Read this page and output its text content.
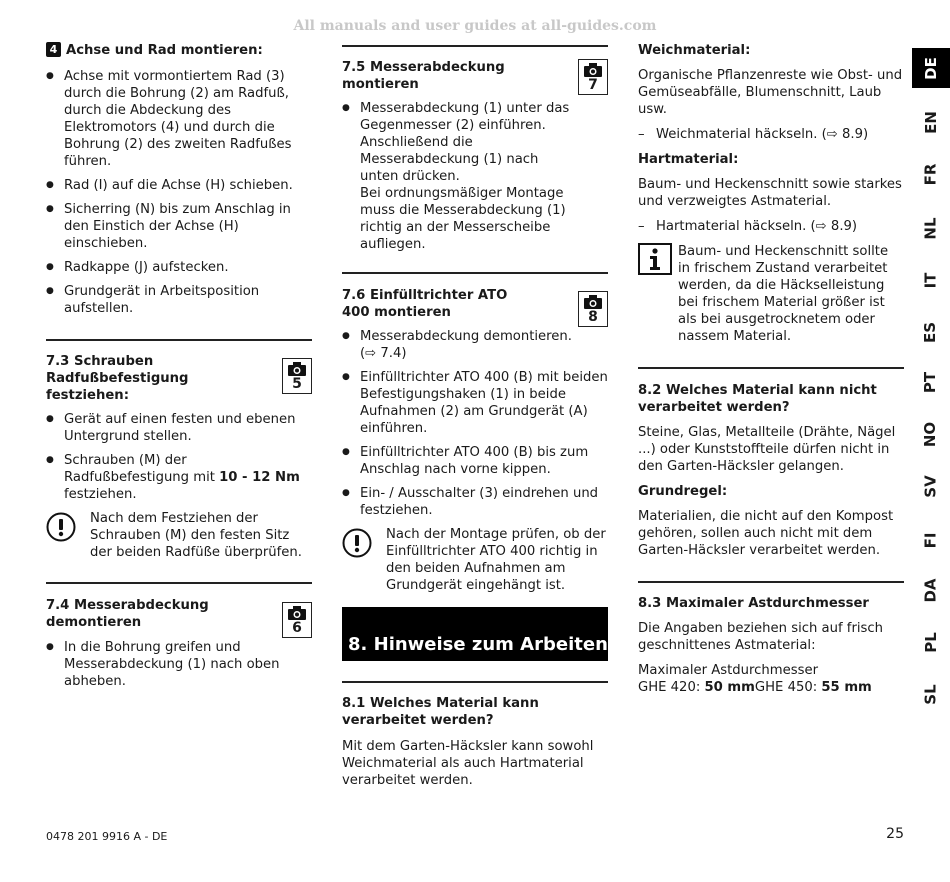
All manuals and user guides at all-guides.com

4 Achse und Rad montieren:

● Achse mit vormontiertem Rad (3) durch die Bohrung (2) am Radfuß, durch die Abdeckung des Elektromotors (4) und durch die Bohrung (2) des zweiten Radfußes führen.
● Rad (I) auf die Achse (H) schieben.
● Sicherring (N) bis zum Anschlag in den Einstich der Achse (H) einschieben.
● Radkappe (J) aufstecken.
● Grundgerät in Arbeitsposition aufstellen.

7.3 Schrauben Radfußbefestigung festziehen:

5
● Gerät auf einen festen und ebenen Untergrund stellen.
● Schrauben (M) der Radfußbefestigung mit 10 - 12 Nm festziehen.

Nach dem Festziehen der Schrauben (M) den festen Sitz der beiden Radfüße überprüfen.

7.4 Messerabdeckung demontieren	6
● In die Bohrung greifen und Messerabdeckung (1) nach oben abheben.

7.5 Messerabdeckung montieren	7
● Messerabdeckung (1) unter das Gegenmesser (2) einführen. Anschließend die Messerabdeckung (1) nach unten drücken.
Bei ordnungsmäßiger Montage muss die Messerabdeckung (1) richtig an der Messerscheibe aufliegen.

7.6 Einfülltrichter ATO 400 montieren	8
● Messerabdeckung demontieren. (⇨ 7.4)
● Einfülltrichter ATO 400 (B) mit beiden Befestigungshaken (1) in beide Aufnahmen (2) am Grundgerät (A) einführen.
● Einfülltrichter ATO 400 (B) bis zum Anschlag nach vorne kippen.
● Ein- / Ausschalter (3) eindrehen und festziehen.

Nach der Montage prüfen, ob der Einfülltrichter ATO 400 richtig in den beiden Aufnahmen am Grundgerät eingehängt ist.

8. Hinweise zum Arbeiten

8.1 Welches Material kann verarbeitet werden?

Mit dem Garten-Häcksler kann sowohl Weichmaterial als auch Hartmaterial verarbeitet werden.

Weichmaterial:

Organische Pflanzenreste wie Obst- und Gemüseabfälle, Blumenschnitt, Laub usw.

– Weichmaterial häckseln. (⇨ 8.9)

Hartmaterial:

Baum- und Heckenschnitt sowie starkes und verzweigtes Astmaterial.

– Hartmaterial häckseln. (⇨ 8.9)

Baum- und Heckenschnitt sollte in frischem Zustand verarbeitet werden, da die Häckselleistung bei frischem Material größer ist als bei ausgetrocknetem oder nassem Material.

8.2 Welches Material kann nicht verarbeitet werden?

Steine, Glas, Metallteile (Drähte, Nägel ...) oder Kunststoffteile dürfen nicht in den Garten-Häcksler gelangen.

Grundregel:

Materialien, die nicht auf den Kompost gehören, sollen auch nicht mit dem Garten-Häcksler verarbeitet werden.

8.3 Maximaler Astdurchmesser

Die Angaben beziehen sich auf frisch geschnittenes Astmaterial:

Maximaler Astdurchmesser

GHE 420: 50 mmGHE 450: 55 mm

DE
EN
FR
NL
IT
ES
PT
NO
SV
FI
DA
PL
SL
0478 201 9916 A - DE	25
